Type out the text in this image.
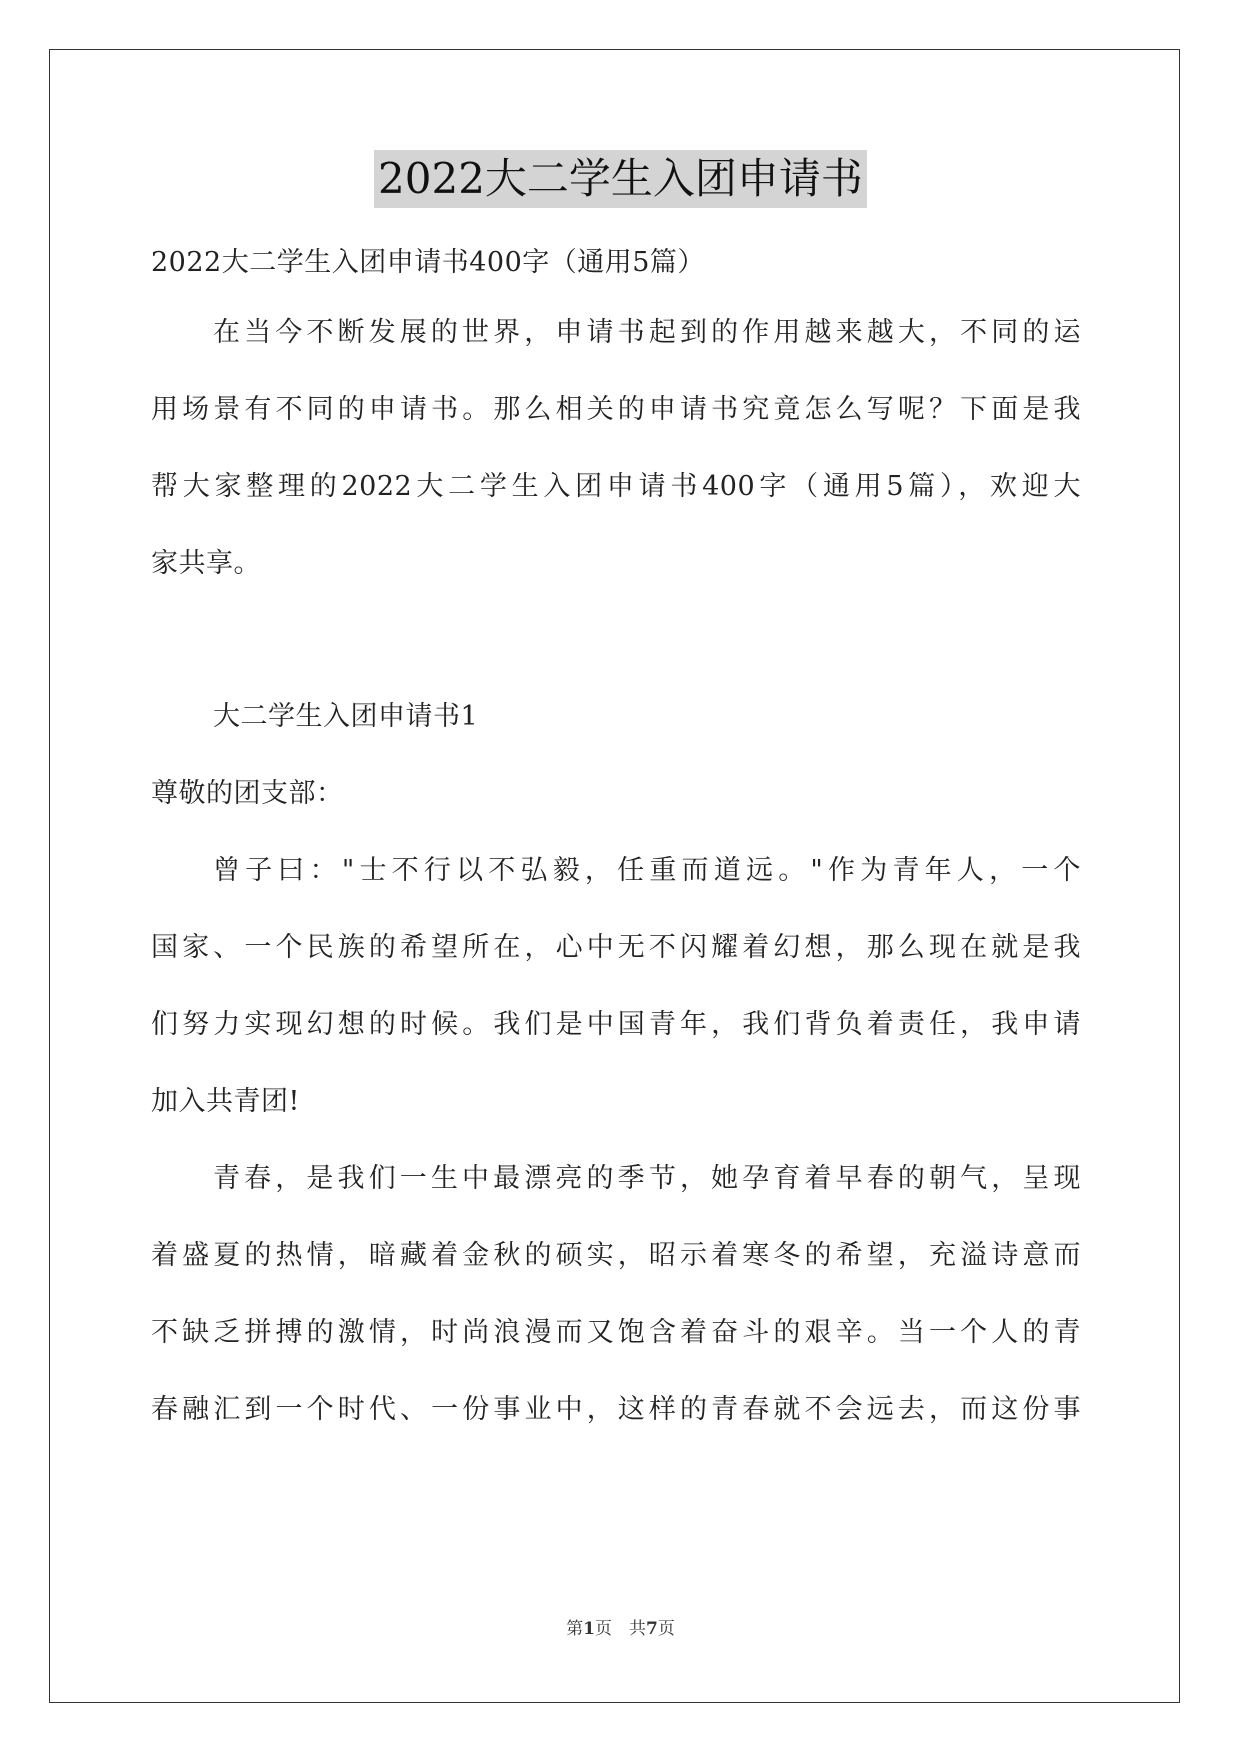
2022大二学生入团申请书
2022大二学生入团申请书400字（通用5篇）
在当今不断发展的世界，申请书起到的作用越来越大，不同的运
用场景有不同的申请书。那么相关的申请书究竟怎么写呢？下面是我
帮大家整理的2022大二学生入团申请书400字（通用5篇），欢迎大
家共享。
大二学生入团申请书1
尊敬的团支部：
曾子曰："士不行以不弘毅，任重而道远。"作为青年人，一个
国家、一个民族的希望所在，心中无不闪耀着幻想，那么现在就是我
们努力实现幻想的时候。我们是中国青年，我们背负着责任，我申请
加入共青团!
青春，是我们一生中最漂亮的季节，她孕育着早春的朝气，呈现
着盛夏的热情，暗藏着金秋的硕实，昭示着寒冬的希望，充溢诗意而
不缺乏拼搏的激情，时尚浪漫而又饱含着奋斗的艰辛。当一个人的青
春融汇到一个时代、一份事业中，这样的青春就不会远去，而这份事
第1页　共7页
